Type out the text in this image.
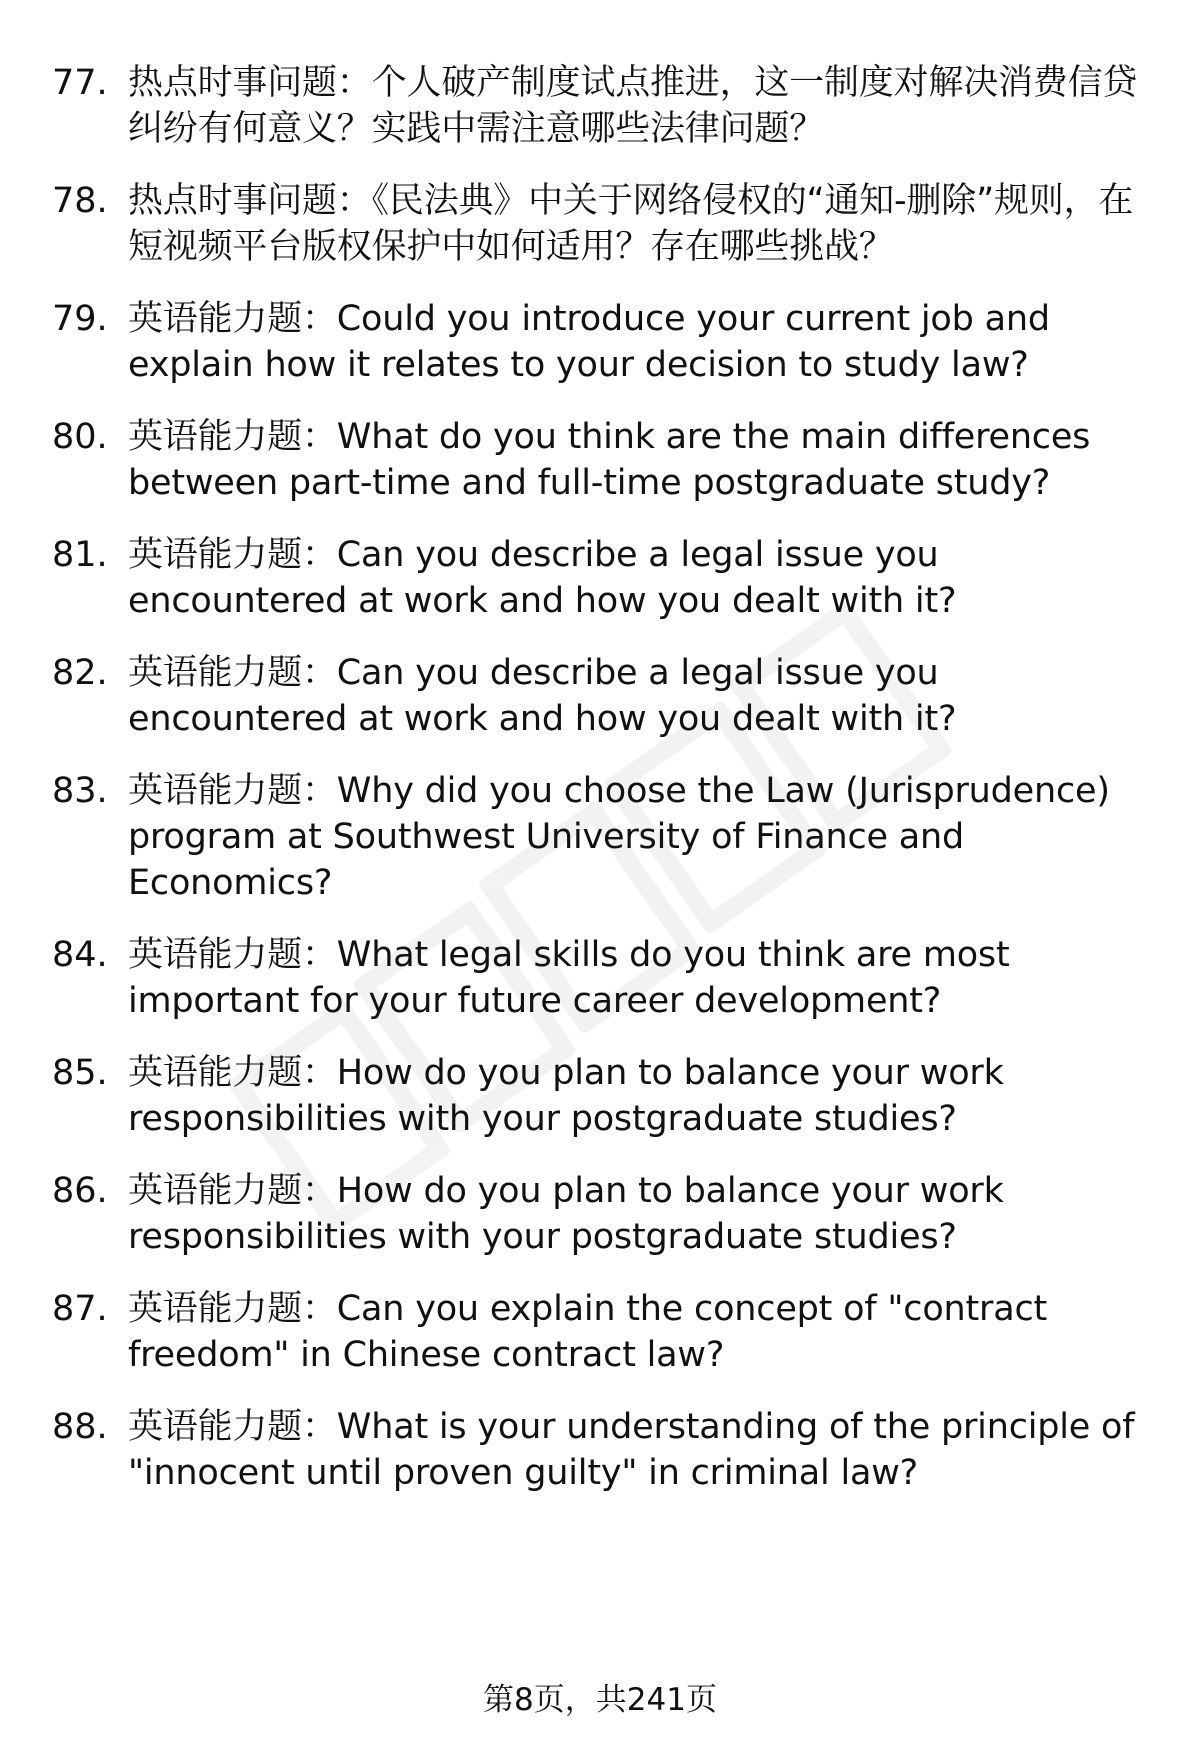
77. 热点时事问题：个人破产制度试点推进，这一制度对解决消费信贷纠纷有何意义？实践中需注意哪些法律问题？
78. 热点时事问题：《民法典》中关于网络侵权的“通知-删除”规则，在短视频平台版权保护中如何适用？存在哪些挑战？
79. 英语能力题：Could you introduce your current job and explain how it relates to your decision to study law?
80. 英语能力题：What do you think are the main differences between part-time and full-time postgraduate study?
81. 英语能力题：Can you describe a legal issue you encountered at work and how you dealt with it?
82. 英语能力题：Can you describe a legal issue you encountered at work and how you dealt with it?
83. 英语能力题：Why did you choose the Law (Jurisprudence) program at Southwest University of Finance and Economics?
84. 英语能力题：What legal skills do you think are most important for your future career development?
85. 英语能力题：How do you plan to balance your work responsibilities with your postgraduate studies?
86. 英语能力题：How do you plan to balance your work responsibilities with your postgraduate studies?
87. 英语能力题：Can you explain the concept of "contract freedom" in Chinese contract law?
88. 英语能力题：What is your understanding of the principle of "innocent until proven guilty" in criminal law?
第8页，共241页
